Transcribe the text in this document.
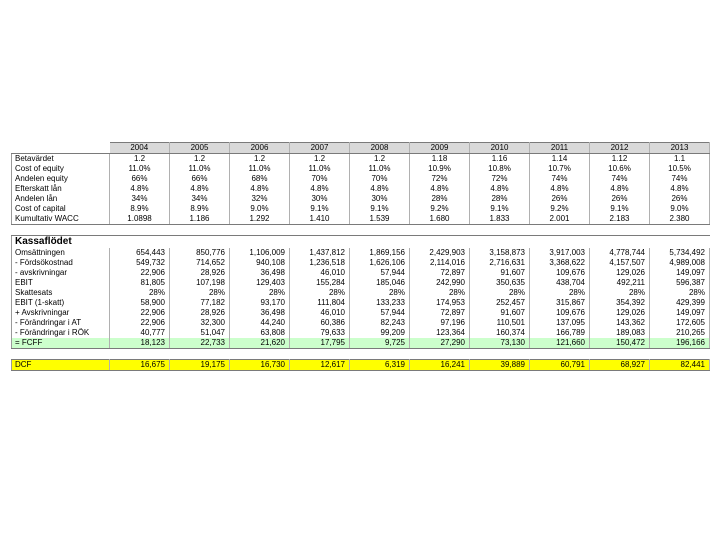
	2004	2005	2006	2007	2008	2009	2010	2011	2012	2013
Betavärdet	1.2	1.2	1.2	1.2	1.2	1.18	1.16	1.14	1.12	1.1
Cost of equity	11.0%	11.0%	11.0%	11.0%	11.0%	10.9%	10.8%	10.7%	10.6%	10.5%
Andelen equity	66%	66%	68%	70%	70%	72%	72%	74%	74%	74%
Efterskatt lån	4.8%	4.8%	4.8%	4.8%	4.8%	4.8%	4.8%	4.8%	4.8%	4.8%
Andelen lån	34%	34%	32%	30%	30%	28%	28%	26%	26%	26%
Cost of capital	8.9%	8.9%	9.0%	9.1%	9.1%	9.2%	9.1%	9.2%	9.1%	9.0%
Kumultativ WACC	1.0898	1.186	1.292	1.410	1.539	1.680	1.833	2.001	2.183	2.380

Kassaflödet										
Omsättningen	654,443	850,776	1,106,009	1,437,812	1,869,156	2,429,903	3,158,873	3,917,003	4,778,744	5,734,492
- Fördsökostnad	549,732	714,652	940,108	1,236,518	1,626,106	2,114,016	2,716,631	3,368,622	4,157,507	4,989,008
- avskrivningar	22,906	28,926	36,498	46,010	57,944	72,897	91,607	109,676	129,026	149,097
EBIT	81,805	107,198	129,403	155,284	185,046	242,990	350,635	438,704	492,211	596,387
Skattesats	28%	28%	28%	28%	28%	28%	28%	28%	28%	28%
EBIT (1-skatt)	58,900	77,182	93,170	111,804	133,233	174,953	252,457	315,867	354,392	429,399
+ Avskrivningar	22,906	28,926	36,498	46,010	57,944	72,897	91,607	109,676	129,026	149,097
- Förändringar i AT	22,906	32,300	44,240	60,386	82,243	97,196	110,501	137,095	143,362	172,605
- Förändringar i RÖK	40,777	51,047	63,808	79,633	99,209	123,364	160,374	166,789	189,083	210,265
= FCFF	18,123	22,733	21,620	17,795	9,725	27,290	73,130	121,660	150,472	196,166

DCF	16,675	19,175	16,730	12,617	6,319	16,241	39,889	60,791	68,927	82,441
